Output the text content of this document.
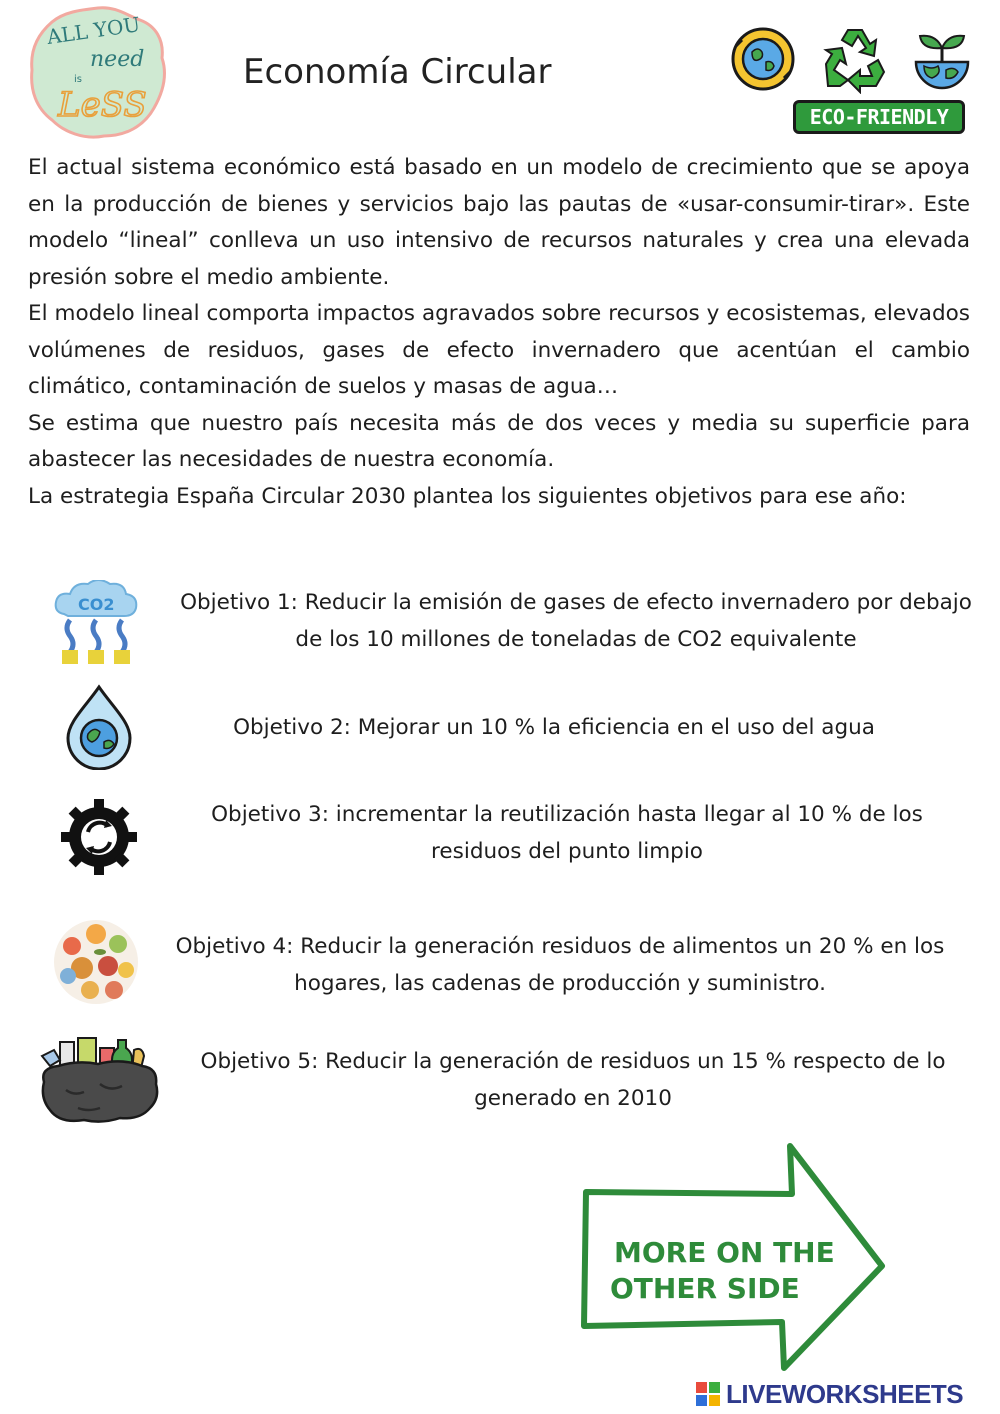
ALL YOU
need
is
LeSS
Economía Circular
ECO-FRIENDLY

El actual sistema económico está basado en un modelo de crecimiento que se apoya en la producción de bienes y servicios bajo las pautas de «usar-consumir-tirar». Este modelo “lineal” conlleva un uso intensivo de recursos naturales y crea una elevada presión sobre el medio ambiente.

El modelo lineal comporta impactos agravados sobre recursos y ecosistemas, elevados volúmenes de residuos, gases de efecto invernadero que acentúan el cambio climático, contaminación de suelos y masas de agua…

Se estima que nuestro país necesita más de dos veces y media su superficie para abastecer las necesidades de nuestra economía.

La estrategia España Circular 2030 plantea los siguientes objetivos para ese año:

CO2	Objetivo 1: Reducir la emisión de gases de efecto invernadero por debajo de los 10 millones de toneladas de CO2 equivalente
Objetivo 2: Mejorar un 10 % la eficiencia en el uso del agua
Objetivo 3: incrementar la reutilización hasta llegar al 10 % de los residuos del punto limpio
Objetivo 4: Reducir la generación residuos de alimentos un 20 % en los hogares, las cadenas de producción y suministro.
Objetivo 5: Reducir la generación de residuos un 15 % respecto de lo generado en 2010
MORE ON THE
OTHER SIDE
LIVEWORKSHEETS
